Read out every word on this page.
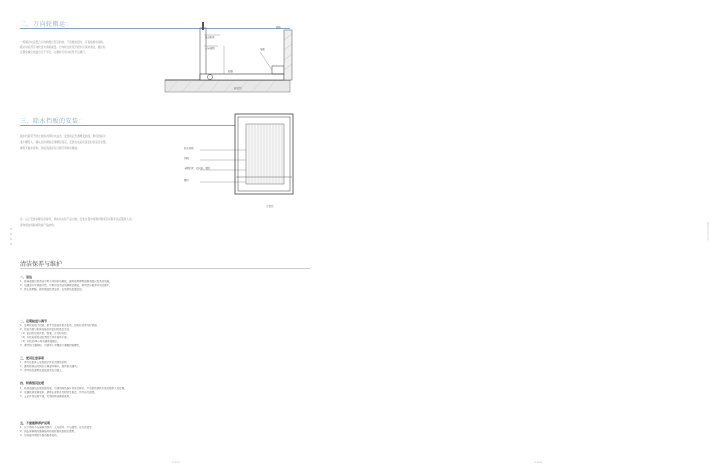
二、万向轮搬运：
一般搬运时应配合万向轮搬运至目的地。不需要抬起时，可直接推动柜体，
搬运时底部万向轮受力承载重量。万向轮在使用过程中应保持清洁，搬运时
应避免撞击地面凹凸不平处，必要时可用木板垫平后通行。
成品柜体
万向轮组	地面
柜脚
墙体
截面图
三、除水挡板的安装：
除水挡板用于防止柜体内部积水溢出，安装时应先清理安装面，再将挡板对
准卡槽压入，确认四边紧贴后用螺钉固定。安装完成后检查密封条是否完整，
确保无漏水现象。挡板表面如有污渍可用软布擦拭。	除水挡板
挡板
卡槽位置、密封条、螺钉
螺钉
示意图
注：以上安装步骤仅供参考，具体以实际产品为准。安装过程中如遇问题请及时联系售后服务人员。
请勿擅自拆卸或改装产品结构。	WWW.XXXX.COM
清洁保养与维护
一、清洁
1、柜体表面日常清洁可用干净的软布擦拭，避免使用硬物刮擦表面以免造成划痕。
2、如遇油污等顽固污渍，可用中性清洁剂稀释后擦拭，再用清水擦净并及时擦干。
3、禁止使用酸、碱等腐蚀性清洁剂，以免损伤表面涂层。
二、定期检查与调节
1、定期检查柜门铰链、把手及连接件是否松动，如有松动请及时紧固。
2、检查台面与柜体连接处的密封胶是否完好：
（1）密封胶如有开裂、脱落，应及时补胶；
（2）补胶前需将旧胶清除干净并保持干燥；
（3）补胶后24小时内避免接触水。
3、调节柜门缝隙时，可使用十字螺丝刀调整铰链螺钉。
三、使用注意事项
1、请勿在柜体上放置超过承重范围的重物。
2、避免柜体长时间处于潮湿环境中，保持室内通风。
3、请勿将高温物品直接放置在台面上。
四、特殊情况处理
1、柜体表面如出现轻微划痕，可使用同色修补笔进行修补，严重损伤请联系售后服务人员处理。
2、如遇柜体受潮变形，请停止使用并及时联系售后，切勿自行拆卸。
3、五金件如出现生锈，可用防锈油擦拭保养。
五、不便维修养护说明
1、以下情况不在保修范围内：人为损坏、不当使用、自行改装等。
2、超出保修期的维修服务将按标准收取相应费用。
3、如有疑问请联系售后服务热线。
1-1-1	1-1-2
